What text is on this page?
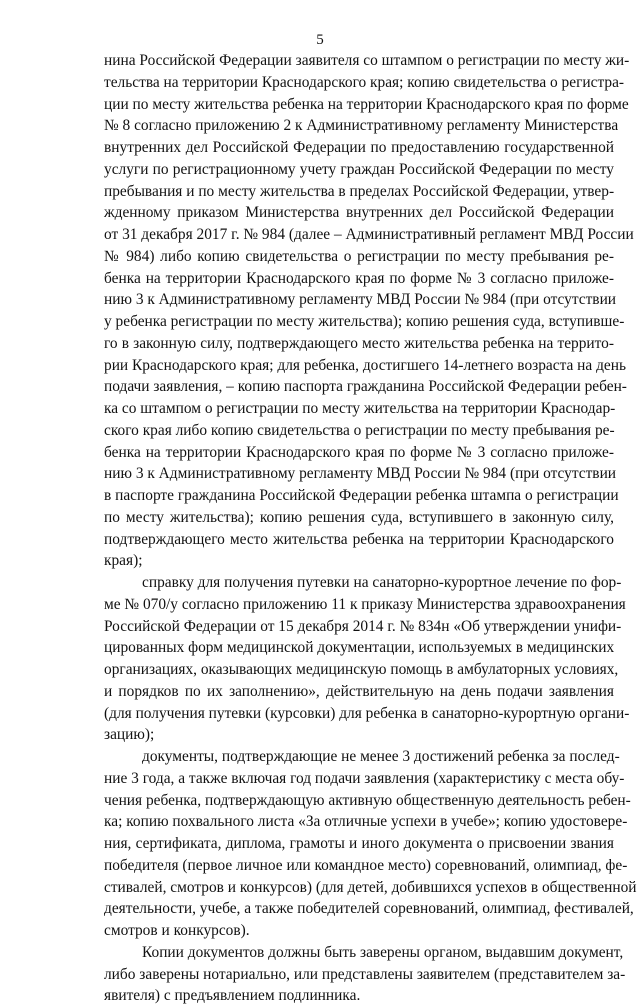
5
нина Российской Федерации заявителя со штампом о регистрации по месту жи-
тельства на территории Краснодарского края; копию свидетельства о регистра-
ции по месту жительства ребенка на территории Краснодарского края по форме
№ 8 согласно приложению 2 к Административному регламенту Министерства
внутренних дел Российской Федерации по предоставлению государственной
услуги по регистрационному учету граждан Российской Федерации по месту
пребывания и по месту жительства в пределах Российской Федерации, утвер-
жденному приказом Министерства внутренних дел Российской Федерации
от 31 декабря 2017 г. № 984 (далее – Административный регламент МВД России
№ 984) либо копию свидетельства о регистрации по месту пребывания ре-
бенка на территории Краснодарского края по форме № 3 согласно приложе-
нию 3 к Административному регламенту МВД России № 984 (при отсутствии
у ребенка регистрации по месту жительства); копию решения суда, вступивше-
го в законную силу, подтверждающего место жительства ребенка на террито-
рии Краснодарского края; для ребенка, достигшего 14-летнего возраста на день
подачи заявления, – копию паспорта гражданина Российской Федерации ребен-
ка со штампом о регистрации по месту жительства на территории Краснодар-
ского края либо копию свидетельства о регистрации по месту пребывания ре-
бенка на территории Краснодарского края по форме № 3 согласно приложе-
нию 3 к Административному регламенту МВД России № 984 (при отсутствии
в паспорте гражданина Российской Федерации ребенка штампа о регистрации
по месту жительства); копию решения суда, вступившего в законную силу,
подтверждающего место жительства ребенка на территории Краснодарского
края);
справку для получения путевки на санаторно-курортное лечение по фор-
ме № 070/у согласно приложению 11 к приказу Министерства здравоохранения
Российской Федерации от 15 декабря 2014 г. № 834н «Об утверждении унифи-
цированных форм медицинской документации, используемых в медицинских
организациях, оказывающих медицинскую помощь в амбулаторных условиях,
и порядков по их заполнению», действительную на день подачи заявления
(для получения путевки (курсовки) для ребенка в санаторно-курортную органи-
зацию);
документы, подтверждающие не менее 3 достижений ребенка за послед-
ние 3 года, а также включая год подачи заявления (характеристику с места обу-
чения ребенка, подтверждающую активную общественную деятельность ребен-
ка; копию похвального листа «За отличные успехи в учебе»; копию удостовере-
ния, сертификата, диплома, грамоты и иного документа о присвоении звания
победителя (первое личное или командное место) соревнований, олимпиад, фе-
стивалей, смотров и конкурсов) (для детей, добившихся успехов в общественной
деятельности, учебе, а также победителей соревнований, олимпиад, фестивалей,
смотров и конкурсов).
Копии документов должны быть заверены органом, выдавшим документ,
либо заверены нотариально, или представлены заявителем (представителем за-
явителя) с предъявлением подлинника.
